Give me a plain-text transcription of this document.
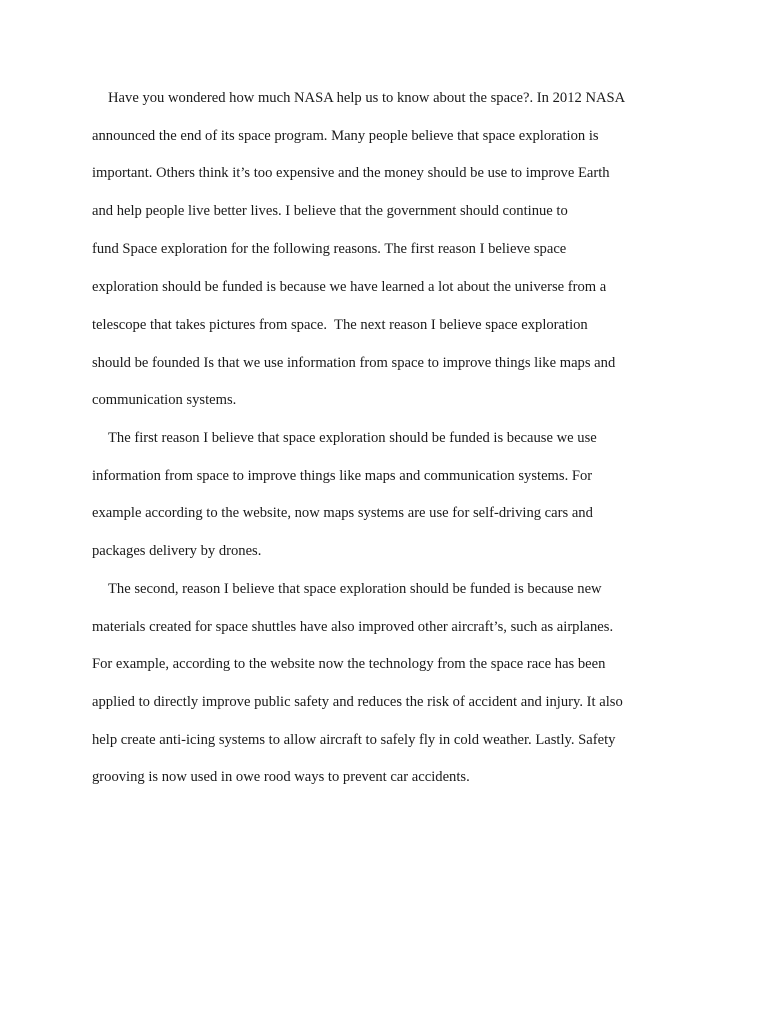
Have you wondered how much NASA help us to know about the space?. In 2012 NASA
announced the end of its space program. Many people believe that space exploration is
important. Others think it’s too expensive and the money should be use to improve Earth
and help people live better lives. I believe that the government should continue to
fund Space exploration for the following reasons. The first reason I believe space
exploration should be funded is because we have learned a lot about the universe from a
telescope that takes pictures from space.  The next reason I believe space exploration
should be founded Is that we use information from space to improve things like maps and
communication systems.
The first reason I believe that space exploration should be funded is because we use
information from space to improve things like maps and communication systems. For
example according to the website, now maps systems are use for self-driving cars and
packages delivery by drones.
The second, reason I believe that space exploration should be funded is because new
materials created for space shuttles have also improved other aircraft’s, such as airplanes.
For example, according to the website now the technology from the space race has been
applied to directly improve public safety and reduces the risk of accident and injury. It also
help create anti-icing systems to allow aircraft to safely fly in cold weather. Lastly. Safety
grooving is now used in owe rood ways to prevent car accidents.
